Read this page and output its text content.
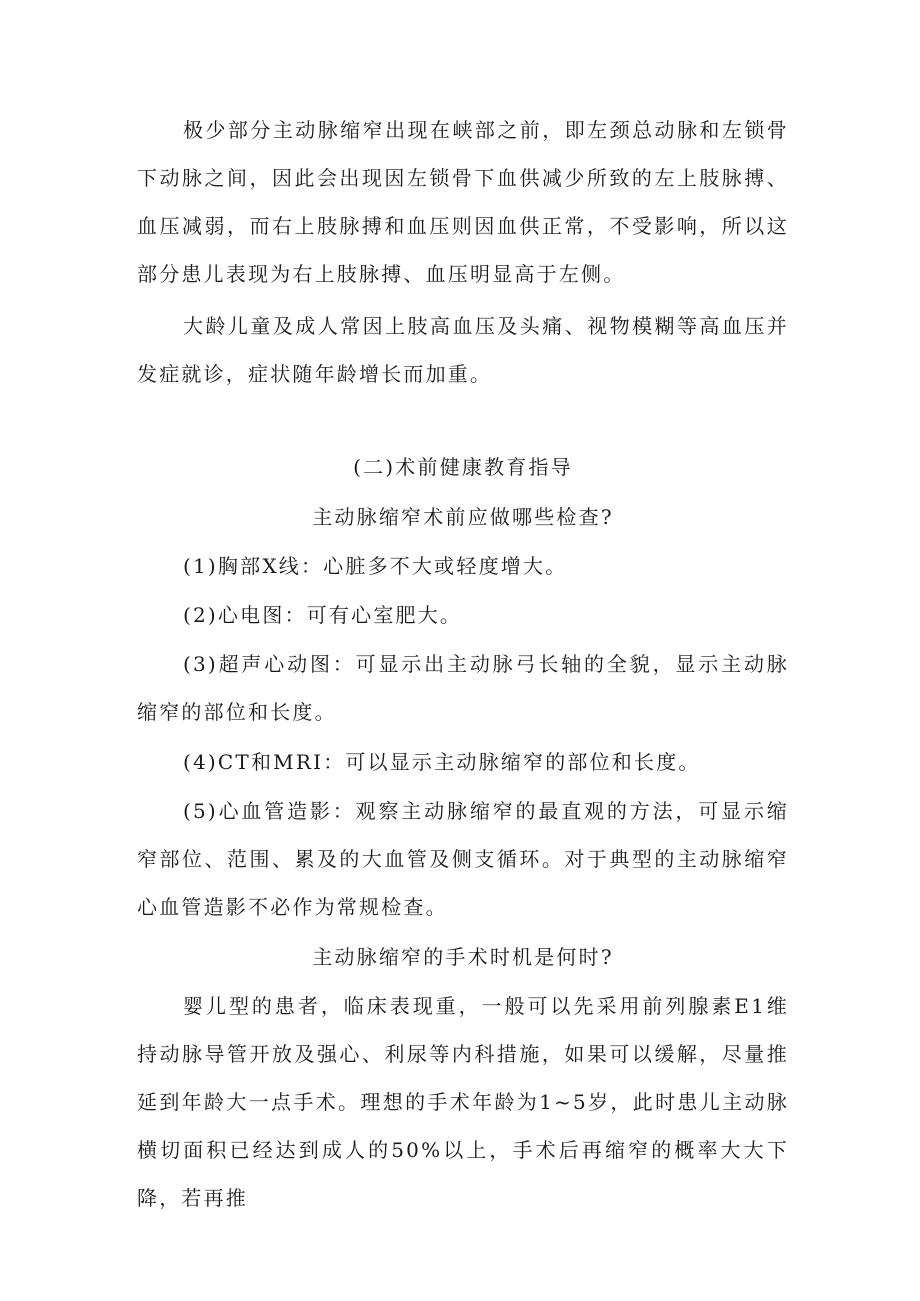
极少部分主动脉缩窄出现在峡部之前，即左颈总动脉和左锁骨下动脉之间，因此会出现因左锁骨下血供减少所致的左上肢脉搏、血压减弱，而右上肢脉搏和血压则因血供正常，不受影响，所以这部分患儿表现为右上肢脉搏、血压明显高于左侧。

大龄儿童及成人常因上肢高血压及头痛、视物模糊等高血压并发症就诊，症状随年龄增长而加重。

(二)术前健康教育指导

主动脉缩窄术前应做哪些检查?

(1)胸部X线：心脏多不大或轻度增大。

(2)心电图：可有心室肥大。

(3)超声心动图：可显示出主动脉弓长轴的全貌，显示主动脉缩窄的部位和长度。

(4)CT和MRI：可以显示主动脉缩窄的部位和长度。

(5)心血管造影：观察主动脉缩窄的最直观的方法，可显示缩窄部位、范围、累及的大血管及侧支循环。对于典型的主动脉缩窄心血管造影不必作为常规检查。

主动脉缩窄的手术时机是何时?

婴儿型的患者，临床表现重，一般可以先采用前列腺素E1维持动脉导管开放及强心、利尿等内科措施，如果可以缓解，尽量推延到年龄大一点手术。理想的手术年龄为1~5岁，此时患儿主动脉横切面积已经达到成人的50%以上，手术后再缩窄的概率大大下降，若再推
